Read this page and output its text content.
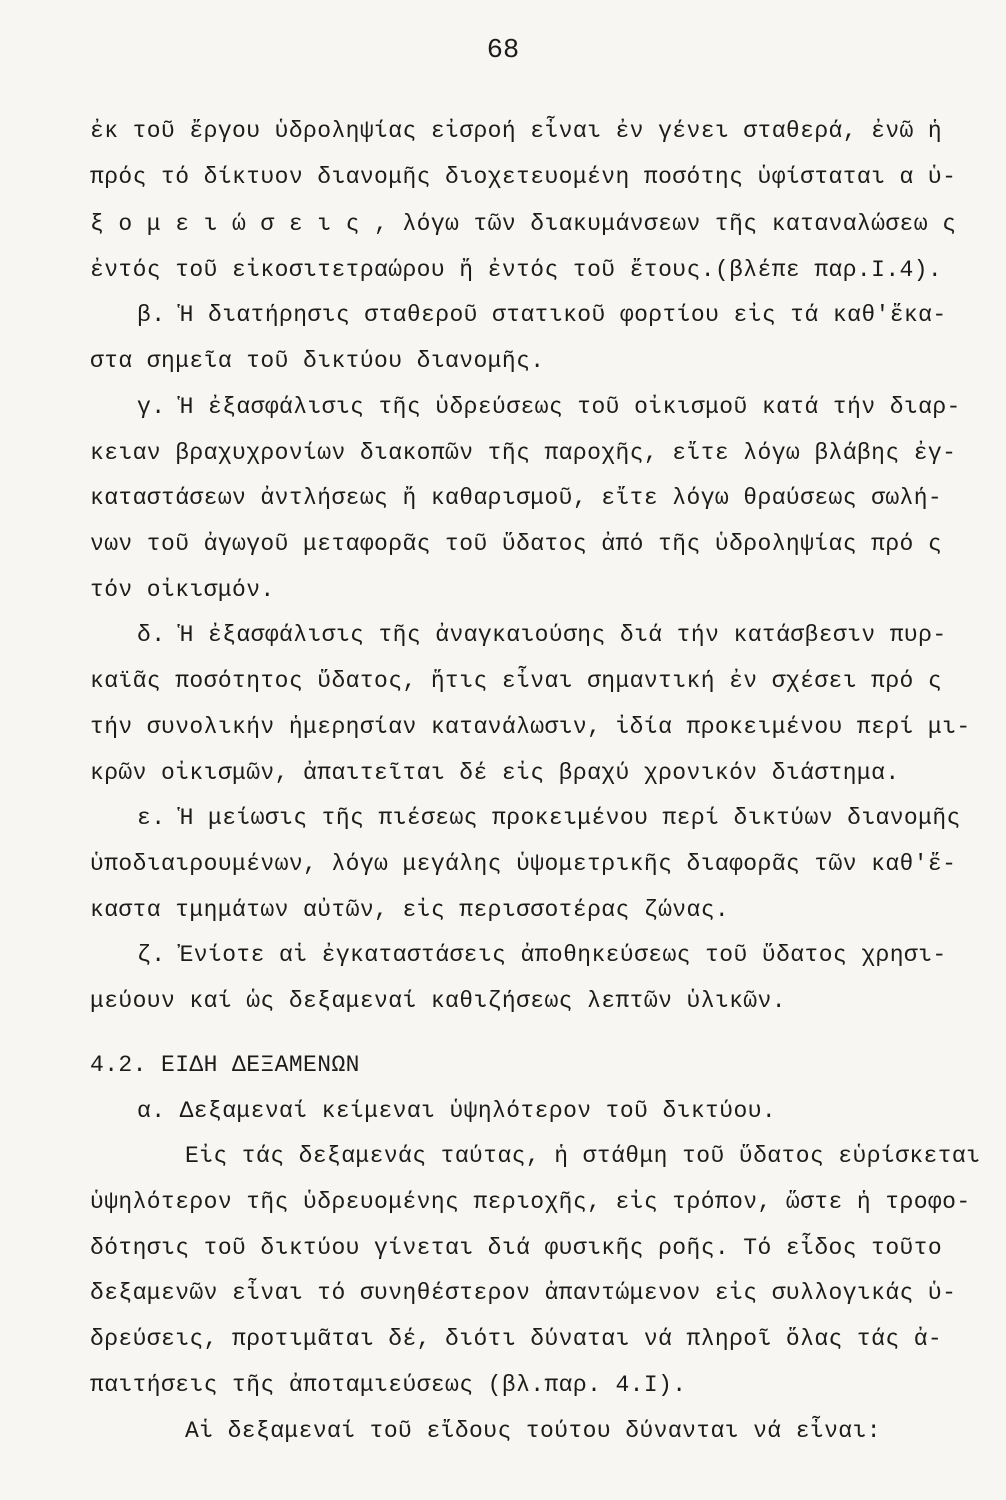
68
ἐκ τοῦ ἔργου ὑδροληψίας εἰσροή εἶναι ἐν γένει σταθερά, ἐνῶ ἡ
πρός τό δίκτυον διανομῆς διοχετευομένη ποσότης ὑφίσταται α ὑ-
ξ ο μ ε ι ώ σ ε ι ς , λόγω τῶν διακυμάνσεων τῆς καταναλώσεω ς
ἐντός τοῦ εἰκοσιτετραώρου ἤ ἐντός τοῦ ἔτους.(βλέπε παρ.Ι.4).
β. Ἡ διατήρησις σταθεροῦ στατικοῦ φορτίου εἰς τά καθ'ἕκα-
στα σημεῖα τοῦ δικτύου διανομῆς.
γ. Ἡ ἐξασφάλισις τῆς ὑδρεύσεως τοῦ οἰκισμοῦ κατά τήν διαρ-
κειαν βραχυχρονίων διακοπῶν τῆς παροχῆς, εἴτε λόγω βλάβης ἐγ-
καταστάσεων ἀντλήσεως ἤ καθαρισμοῦ, εἴτε λόγω θραύσεως σωλή-
νων τοῦ ἀγωγοῦ μεταφορᾶς τοῦ ὕδατος ἀπό τῆς ὑδροληψίας πρό ς
τόν οἰκισμόν.
δ. Ἡ ἐξασφάλισις τῆς ἀναγκαιούσης διά τήν κατάσβεσιν πυρ-
καϊᾶς ποσότητος ὕδατος, ἥτις εἶναι σημαντική ἐν σχέσει πρό ς
τήν συνολικήν ἡμερησίαν κατανάλωσιν, ἰδία προκειμένου περί μι-
κρῶν οἰκισμῶν, ἀπαιτεῖται δέ εἰς βραχύ χρονικόν διάστημα.
ε. Ἡ μείωσις τῆς πιέσεως προκειμένου περί δικτύων διανομῆς
ὑποδιαιρουμένων, λόγω μεγάλης ὑψομετρικῆς διαφορᾶς τῶν καθ'ἕ-
καστα τμημάτων αὐτῶν, εἰς περισσοτέρας ζώνας.
ζ. Ἐνίοτε αἱ ἐγκαταστάσεις ἀποθηκεύσεως τοῦ ὕδατος χρησι-
μεύουν καί ὡς δεξαμεναί καθιζήσεως λεπτῶν ὑλικῶν.
4.2. ΕΙΔΗ ΔΕΞΑΜΕΝΩΝ
α. Δεξαμεναί κείμεναι ὑψηλότερον τοῦ δικτύου.
Εἰς τάς δεξαμενάς ταύτας, ἡ στάθμη τοῦ ὕδατος εὑρίσκεται
ὑψηλότερον τῆς ὑδρευομένης περιοχῆς, εἰς τρόπον, ὥστε ἡ τροφο-
δότησις τοῦ δικτύου γίνεται διά φυσικῆς ροῆς. Τό εἶδος τοῦτο
δεξαμενῶν εἶναι τό συνηθέστερον ἀπαντώμενον εἰς συλλογικάς ὑ-
δρεύσεις, προτιμᾶται δέ, διότι δύναται νά πληροῖ ὅλας τάς ἀ-
παιτήσεις τῆς ἀποταμιεύσεως (βλ.παρ. 4.Ι).
Αἱ δεξαμεναί τοῦ εἴδους τούτου δύνανται νά εἶναι:
